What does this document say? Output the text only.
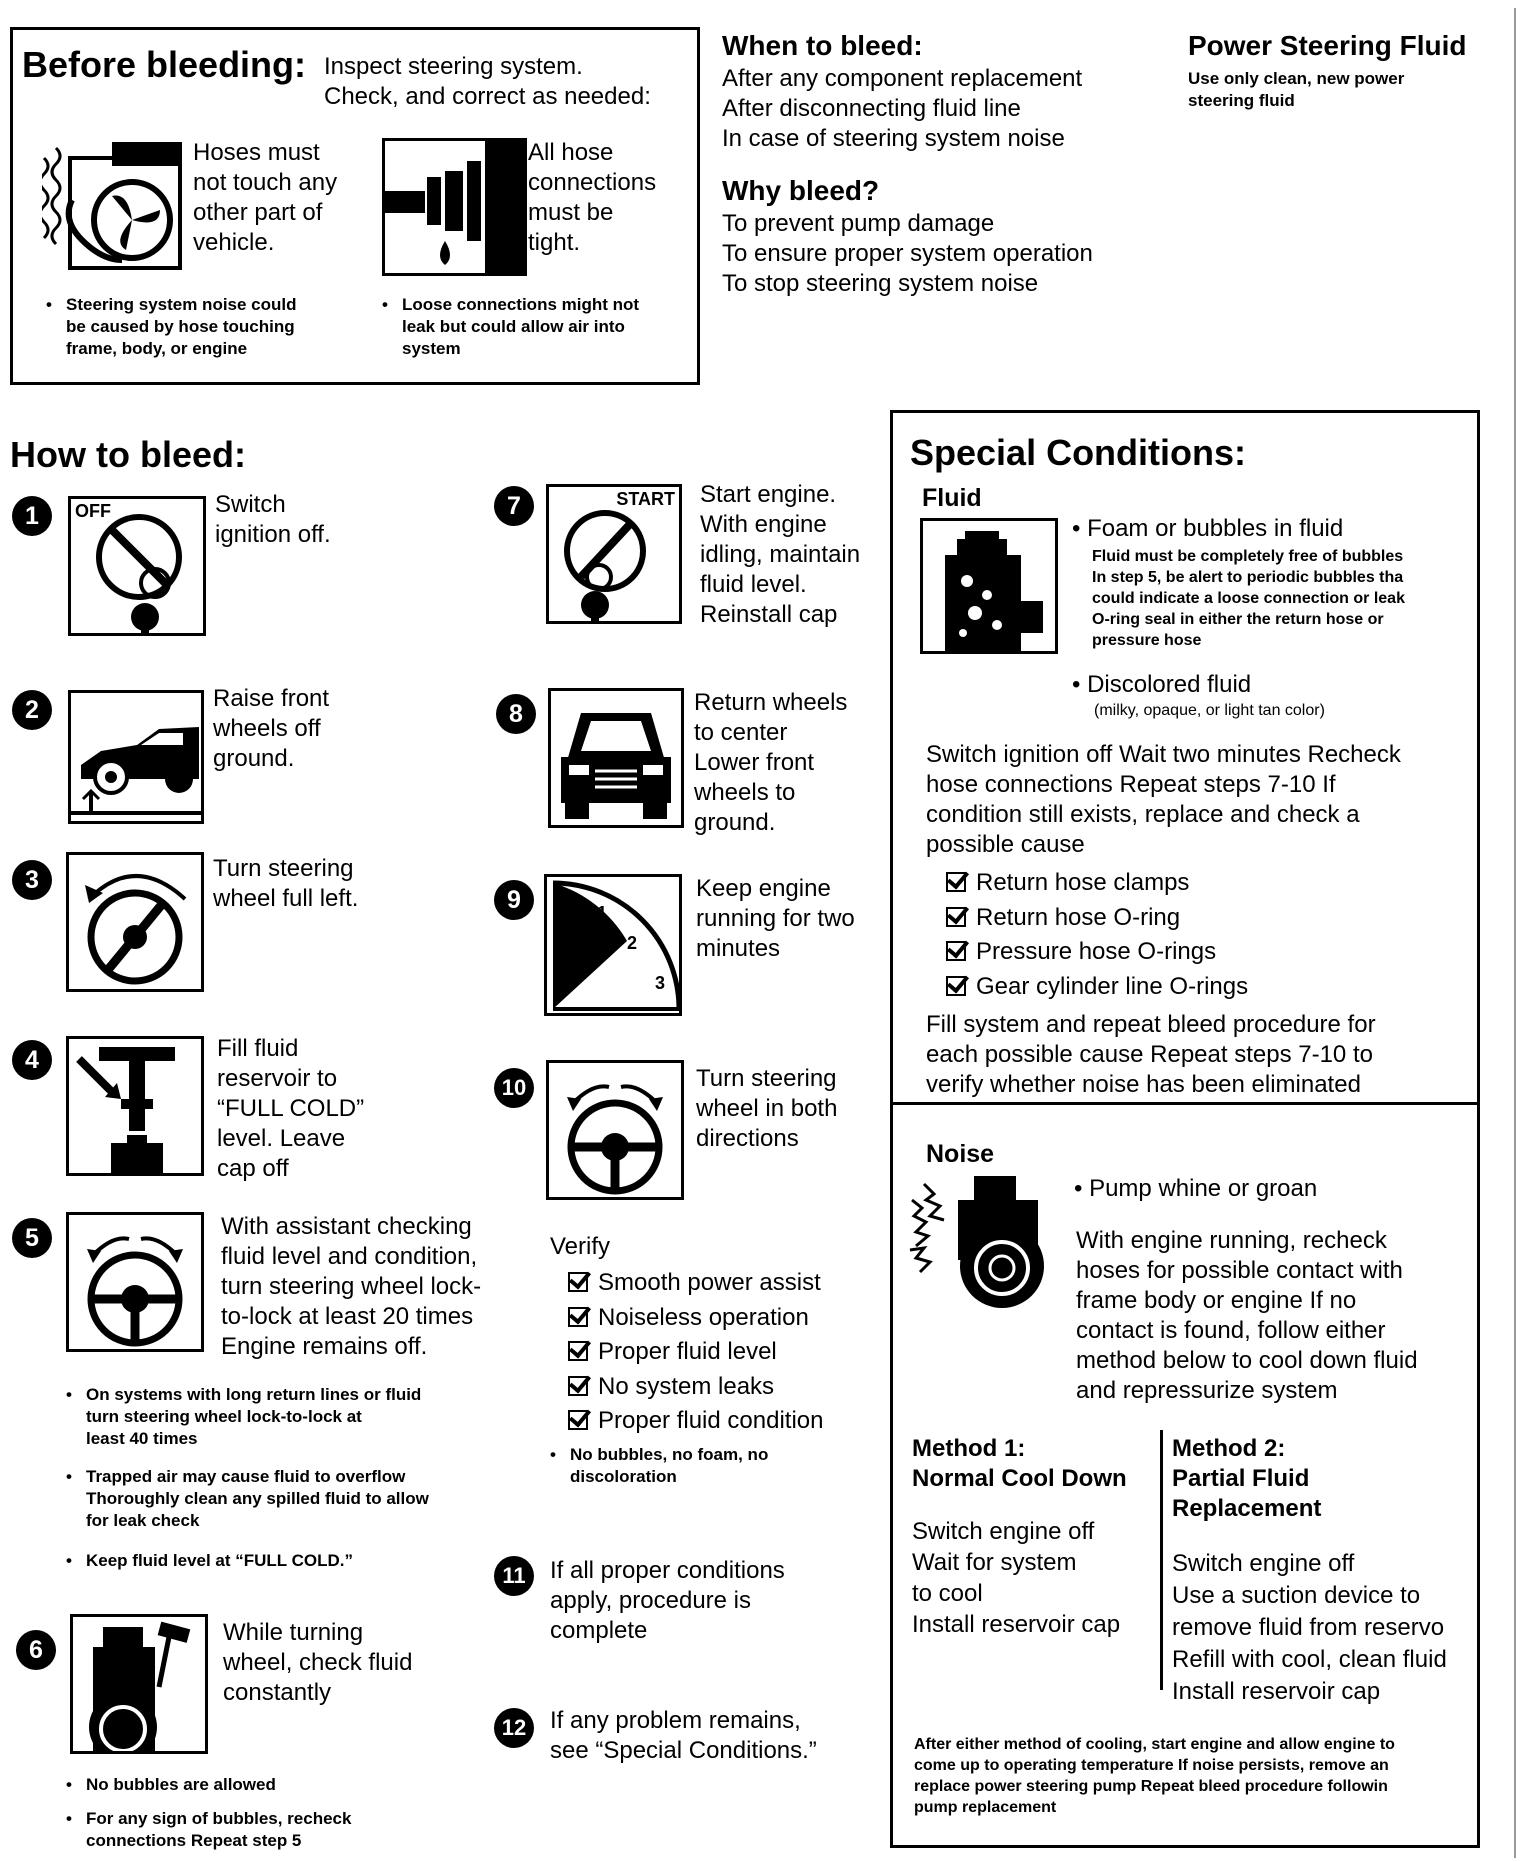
Before bleeding: Inspect steering system.
Check, and correct as needed:
Hoses must
not touch any
other part of
vehicle.
• Steering system noise could
be caused by hose touching
frame, body, or engine
All hose
connections
must be
tight.
• Loose connections might not
leak but could allow air into
system
When to bleed:
After any component replacement
After disconnecting fluid line
In case of steering system noise
Why bleed?
To prevent pump damage
To ensure proper system operation
To stop steering system noise
Power Steering Fluid
Use only clean, new power
steering fluid
How to bleed:
1	OFF	Switch
ignition off.
2	Raise front
wheels off
ground.
3	Turn steering
wheel full left.
4	Fill fluid
reservoir to
“FULL COLD”
level. Leave
cap off
5	With assistant checking
fluid level and condition,
turn steering wheel lock-
to-lock at least 20 times
Engine remains off.
• On systems with long return lines or fluid
turn steering wheel lock-to-lock at
least 40 times
• Trapped air may cause fluid to overflow
Thoroughly clean any spilled fluid to allow
for leak check
• Keep fluid level at “FULL COLD.”
6
While turning
wheel, check fluid
constantly
• No bubbles are allowed
• For any sign of bubbles, recheck
connections Repeat step 5
7	START Start engine.
With engine
idling, maintain
fluid level.
Reinstall cap
8	Return wheels
to center
Lower front
wheels to
ground.
9	0
1
2
3
Keep engine
running for two
minutes
10	Turn steering
wheel in both
directions
Verify
Smooth power assist
Noiseless operation
Proper fluid level
No system leaks
Proper fluid condition
• No bubbles, no foam, no
discoloration
11	If all proper conditions
apply, procedure is
complete
12 If any problem remains,
see “Special Conditions.”
Special Conditions:
Fluid
• Foam or bubbles in fluid
Fluid must be completely free of bubbles
In step 5, be alert to periodic bubbles tha
could indicate a loose connection or leak
O-ring seal in either the return hose or
pressure hose
• Discolored fluid
(milky, opaque, or light tan color)
Switch ignition off Wait two minutes Recheck
hose connections Repeat steps 7-10 If
condition still exists, replace and check a
possible cause
Return hose clamps
Return hose O-ring
Pressure hose O-rings
Gear cylinder line O-rings
Fill system and repeat bleed procedure for
each possible cause Repeat steps 7-10 to
verify whether noise has been eliminated
Noise
• Pump whine or groan
With engine running, recheck
hoses for possible contact with
frame body or engine If no
contact is found, follow either
method below to cool down fluid
and repressurize system
Method 1:
Normal Cool Down
Switch engine off
Wait for system
to cool
Install reservoir cap
Method 2:
Partial Fluid
Replacement
Switch engine off
Use a suction device to
remove fluid from reservo
Refill with cool, clean fluid
Install reservoir cap
After either method of cooling, start engine and allow engine to
come up to operating temperature If noise persists, remove an
replace power steering pump Repeat bleed procedure followin
pump replacement
